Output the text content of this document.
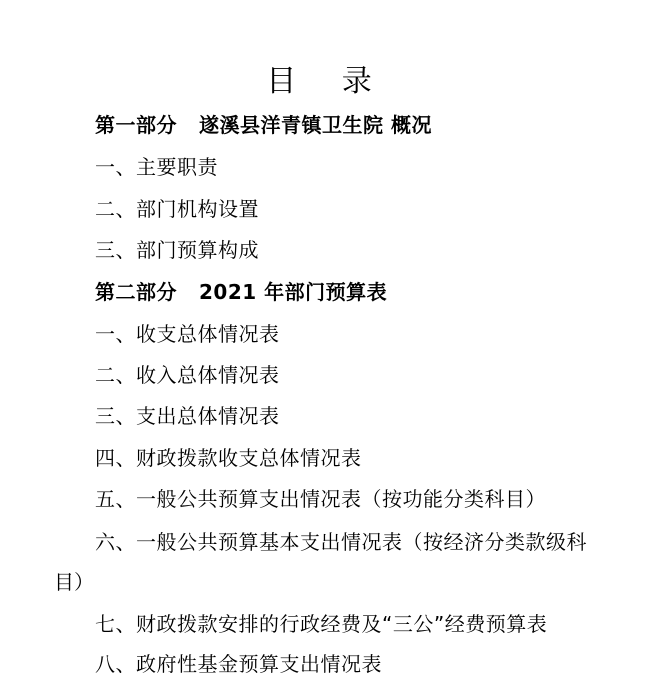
目 录
第一部分 遂溪县洋青镇卫生院 概况
一、主要职责
二、部门机构设置
三、部门预算构成
第二部分 2021 年部门预算表
一、收支总体情况表
二、收入总体情况表
三、支出总体情况表
四、财政拨款收支总体情况表
五、一般公共预算支出情况表（按功能分类科目）
六、一般公共预算基本支出情况表（按经济分类款级科
目）
七、财政拨款安排的行政经费及“三公”经费预算表
八、政府性基金预算支出情况表
